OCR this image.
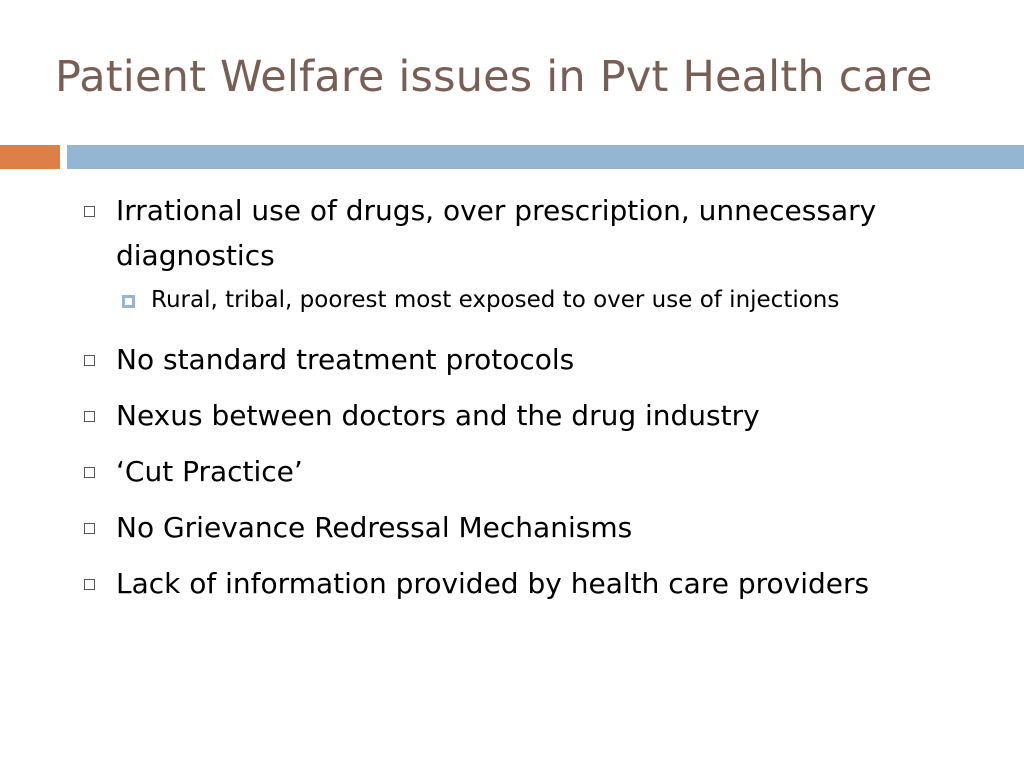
Patient Welfare issues in Pvt Health care
Irrational use of drugs, over prescription, unnecessary diagnostics
Rural, tribal, poorest most exposed to over use of injections
No standard treatment protocols
Nexus between doctors and the drug industry
‘Cut Practice’
No Grievance Redressal Mechanisms
Lack of information provided by health care providers
